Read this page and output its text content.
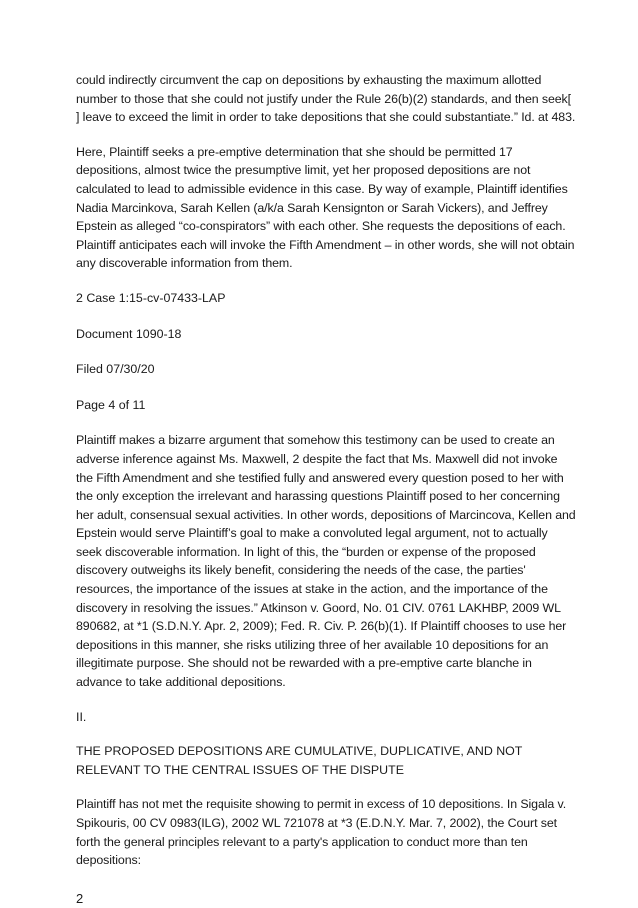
could indirectly circumvent the cap on depositions by exhausting the maximum allotted number to those that she could not justify under the Rule 26(b)(2) standards, and then seek[ ] leave to exceed the limit in order to take depositions that she could substantiate.” Id. at 483.

Here, Plaintiff seeks a pre-emptive determination that she should be permitted 17 depositions, almost twice the presumptive limit, yet her proposed depositions are not calculated to lead to admissible evidence in this case. By way of example, Plaintiff identifies Nadia Marcinkova, Sarah Kellen (a/k/a Sarah Kensignton or Sarah Vickers), and Jeffrey Epstein as alleged “co-conspirators” with each other. She requests the depositions of each. Plaintiff anticipates each will invoke the Fifth Amendment – in other words, she will not obtain any discoverable information from them.

2 Case 1:15-cv-07433-LAP

Document 1090-18

Filed 07/30/20

Page 4 of 11

Plaintiff makes a bizarre argument that somehow this testimony can be used to create an adverse inference against Ms. Maxwell, 2 despite the fact that Ms. Maxwell did not invoke the Fifth Amendment and she testified fully and answered every question posed to her with the only exception the irrelevant and harassing questions Plaintiff posed to her concerning her adult, consensual sexual activities. In other words, depositions of Marcincova, Kellen and Epstein would serve Plaintiff’s goal to make a convoluted legal argument, not to actually seek discoverable information. In light of this, the “burden or expense of the proposed discovery outweighs its likely benefit, considering the needs of the case, the parties' resources, the importance of the issues at stake in the action, and the importance of the discovery in resolving the issues.” Atkinson v. Goord, No. 01 CIV. 0761 LAKHBP, 2009 WL 890682, at *1 (S.D.N.Y. Apr. 2, 2009); Fed. R. Civ. P. 26(b)(1). If Plaintiff chooses to use her depositions in this manner, she risks utilizing three of her available 10 depositions for an illegitimate purpose. She should not be rewarded with a pre-emptive carte blanche in advance to take additional depositions.

II.

THE PROPOSED DEPOSITIONS ARE CUMULATIVE, DUPLICATIVE, AND NOT RELEVANT TO THE CENTRAL ISSUES OF THE DISPUTE

Plaintiff has not met the requisite showing to permit in excess of 10 depositions. In Sigala v. Spikouris, 00 CV 0983(ILG), 2002 WL 721078 at *3 (E.D.N.Y. Mar. 7, 2002), the Court set forth the general principles relevant to a party's application to conduct more than ten depositions:

2
